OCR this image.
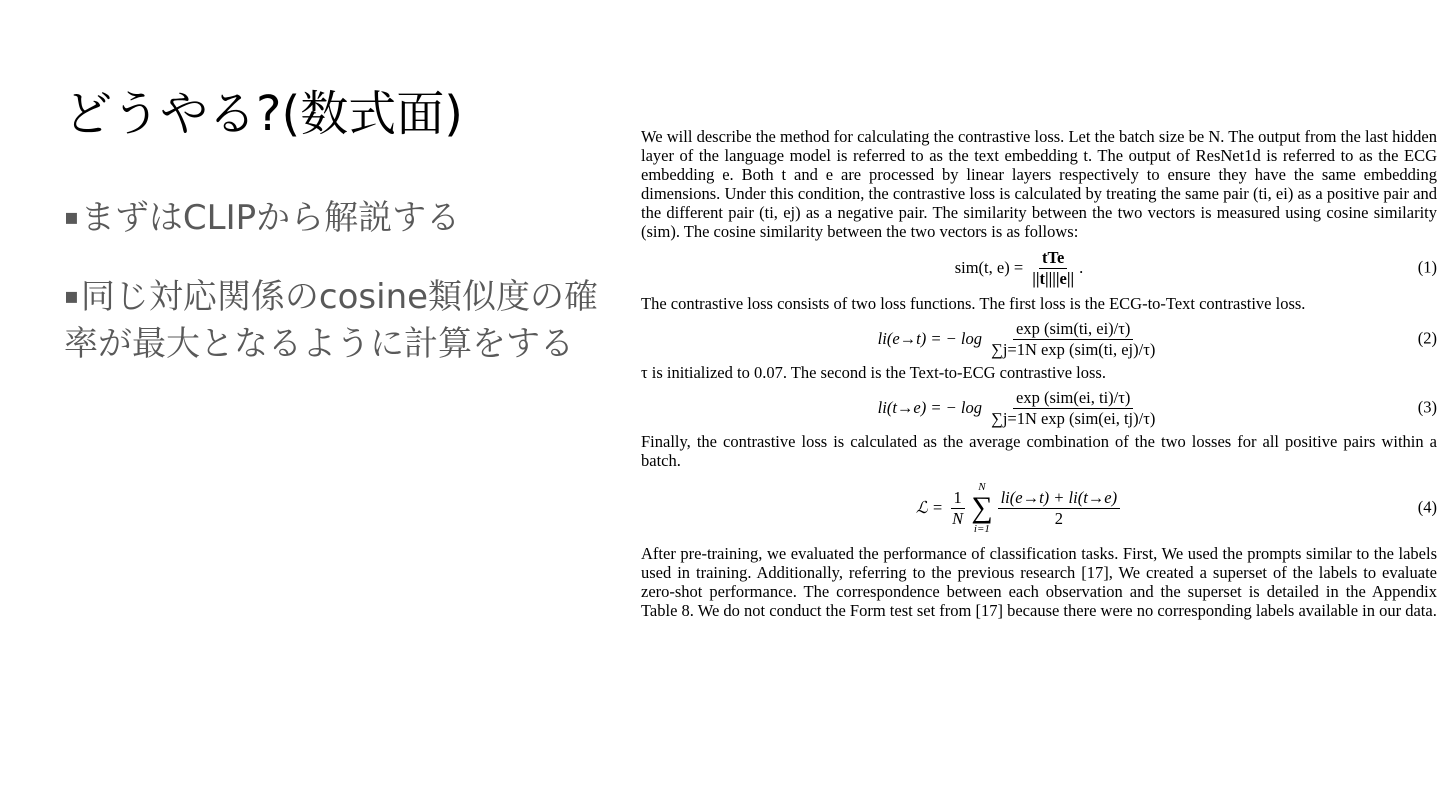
どうやる?(数式面)
▪まずはCLIPから解説する
▪同じ対応関係のcosine類似度の確率が最大となるように計算をする

We will describe the method for calculating the contrastive loss. Let the batch size be N. The output from the last hidden layer of the language model is referred to as the text embedding t. The output of ResNet1d is referred to as the ECG embedding e. Both t and e are processed by linear layers respectively to ensure they have the same embedding dimensions. Under this condition, the contrastive loss is calculated by treating the same pair (ti, ei) as a positive pair and the different pair (ti, ej) as a negative pair. The similarity between the two vectors is measured using cosine similarity (sim). The cosine similarity between the two vectors is as follows:

sim(t, e) =
$\frac{\text{tTe}}{||t||||e||}$ .	(1)

The contrastive loss consists of two loss functions. The first loss is the ECG-to-Text contrastive loss.

li(e→t) = − log
$\frac{\text{exp (sim(ti, ei)/τ)}}{\text{∑j=1N exp (sim(ti, ej)/τ)}}$	(2)

τ is initialized to 0.07. The second is the Text-to-ECG contrastive loss.

li(t→e) = − log
$\frac{\text{exp (sim(ei, ti)/τ)}}{\text{∑j=1N exp (sim(ei, tj)/τ)}}$	(3)

Finally, the contrastive loss is calculated as the average combination of the two losses for all positive pairs within a batch.

ℒ =
$\frac{1}{N}$
N
∑
i=1
$\frac{li(e\to t) + li(t\to e)}{2}$	(4)

After pre-training, we evaluated the performance of classification tasks. First, We used the prompts similar to the labels used in training. Additionally, referring to the previous research [17], We created a superset of the labels to evaluate zero-shot performance. The correspondence between each observation and the superset is detailed in the Appendix Table 8. We do not conduct the Form test set from [17] because there were no corresponding labels available in our data.
